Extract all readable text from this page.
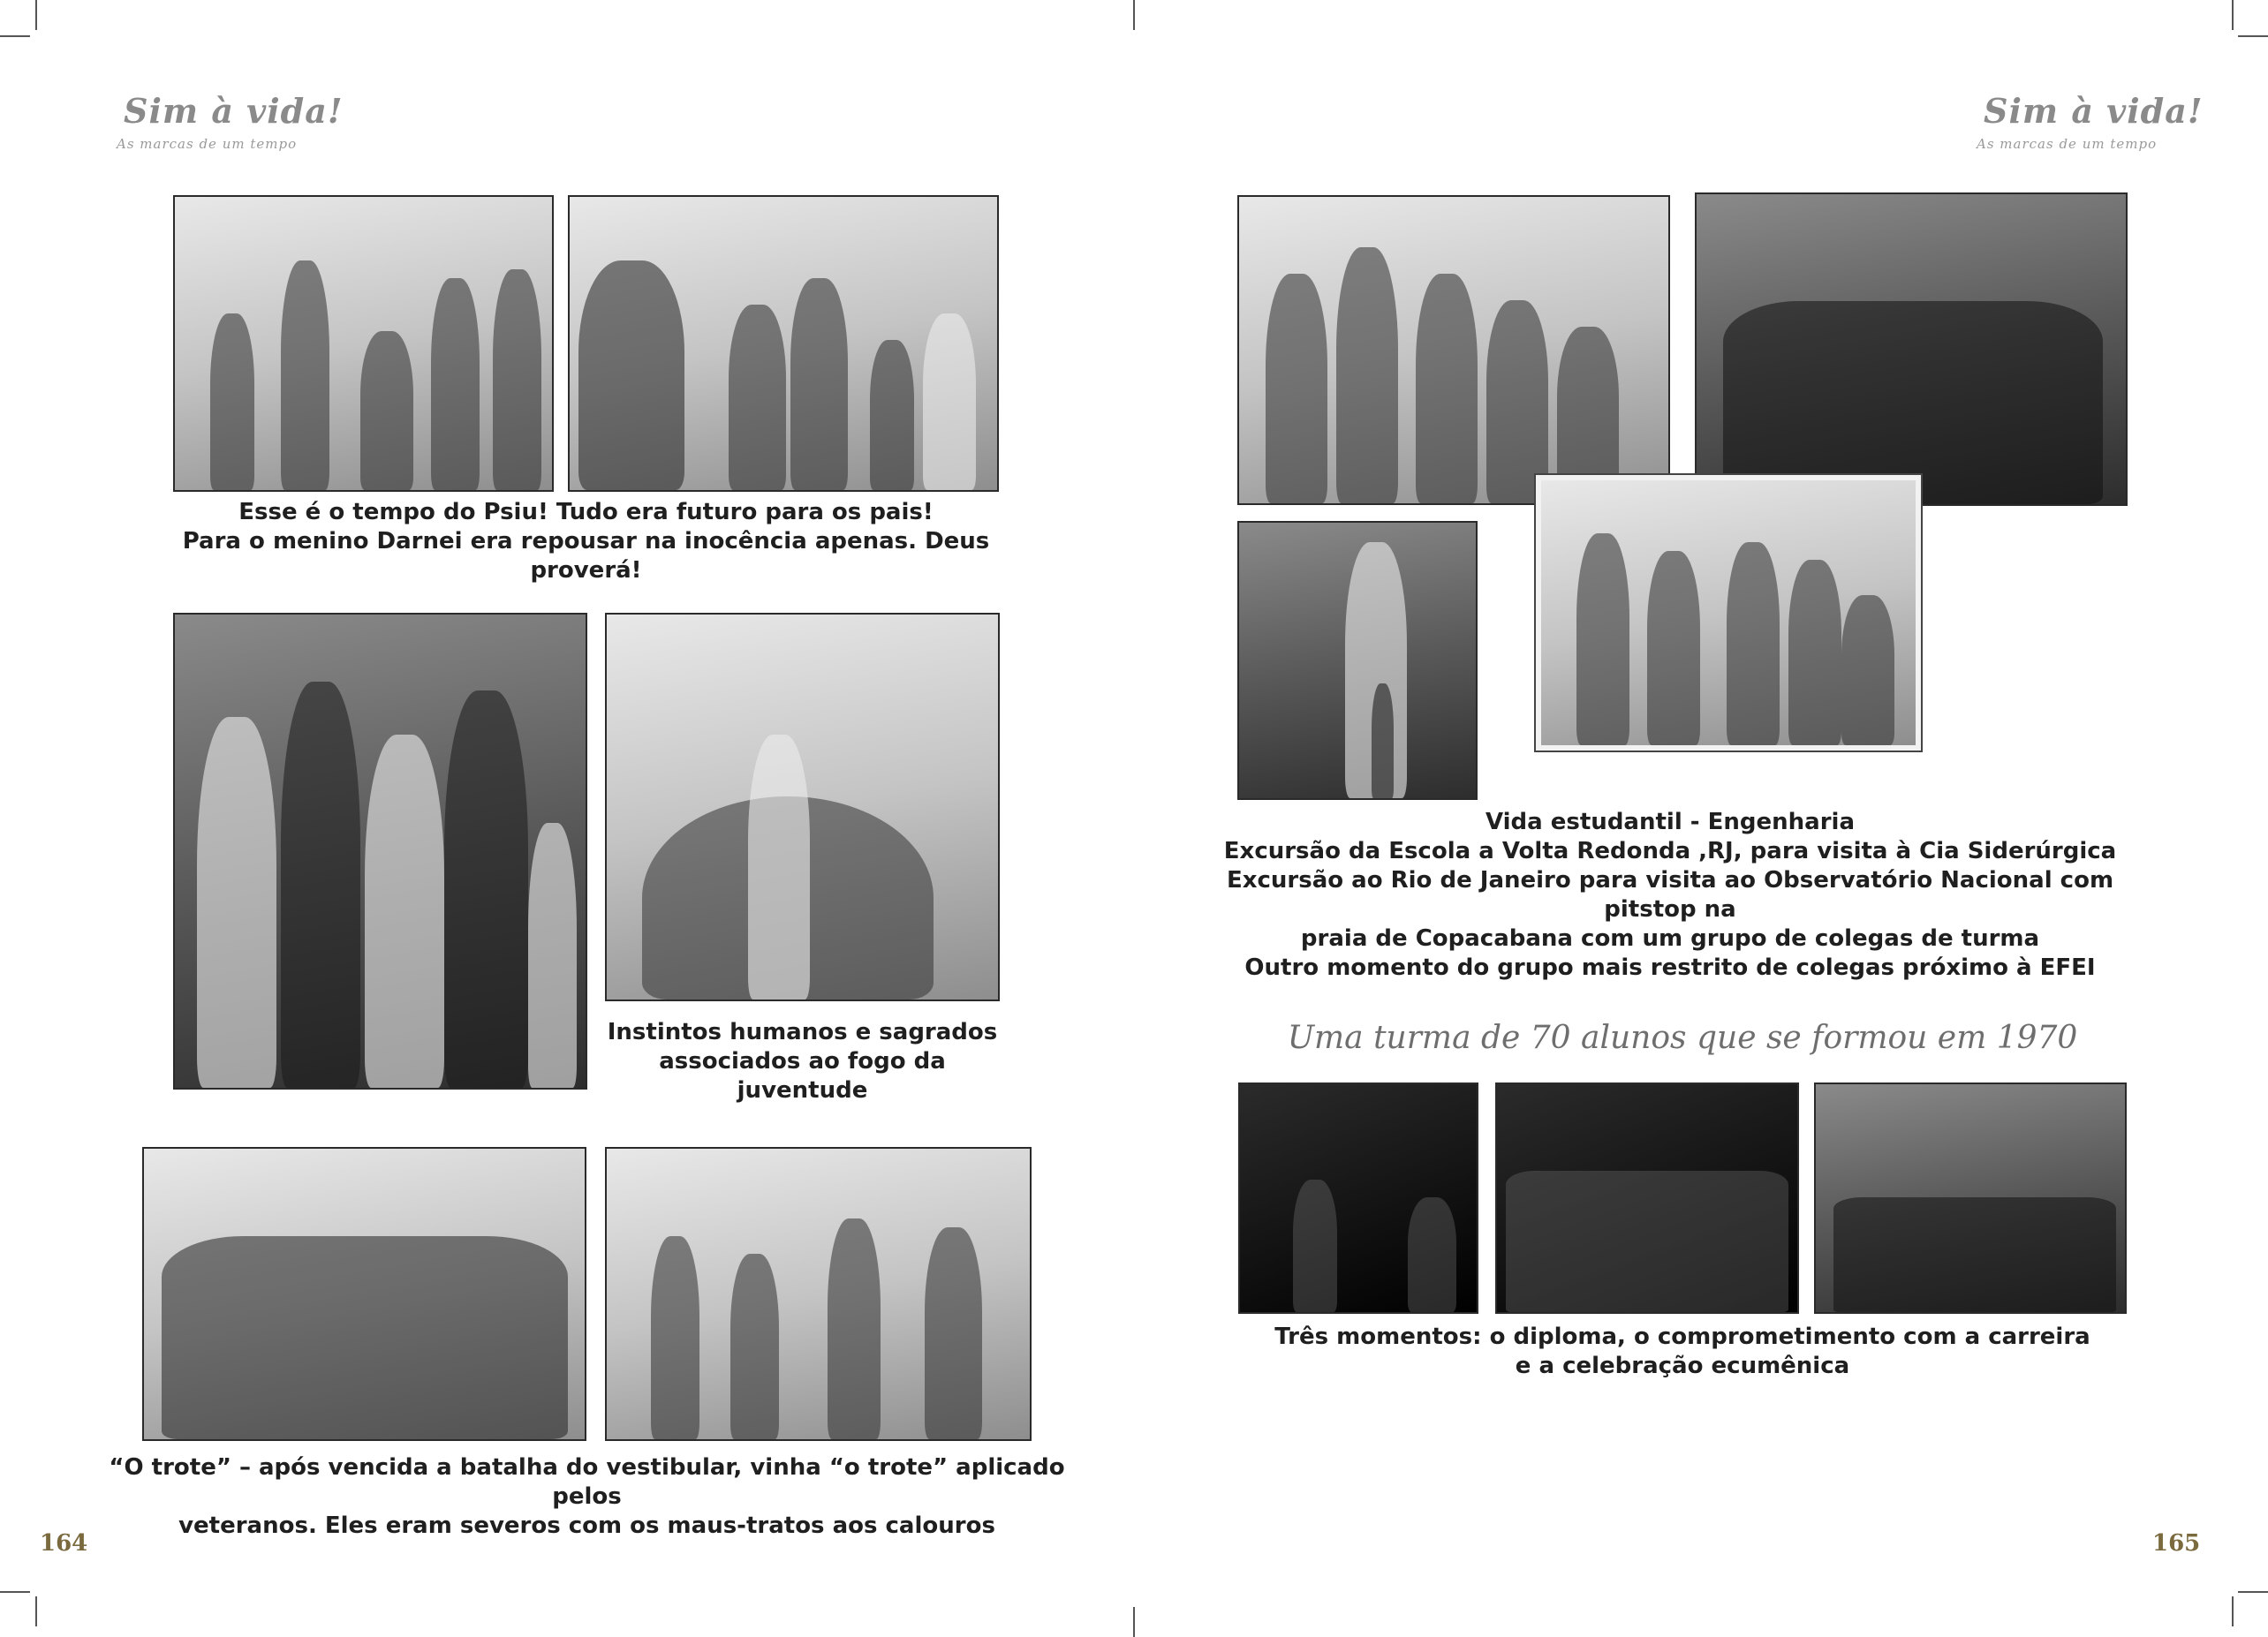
Sim à vida!
As marcas de um tempo
Esse é o tempo do Psiu! Tudo era futuro para os pais!
Para o menino Darnei era repousar na inocência apenas. Deus proverá!
Instintos humanos e sagrados
associados ao fogo da juventude
“O trote” – após vencida a batalha do vestibular, vinha “o trote” aplicado pelos
veteranos. Eles eram severos com os maus-tratos aos calouros
164
Sim à vida!
As marcas de um tempo
Vida estudantil - Engenharia
Excursão da Escola a Volta Redonda ,RJ, para visita à Cia Siderúrgica
Excursão ao Rio de Janeiro para visita ao Observatório Nacional com pitstop na
praia de Copacabana com um grupo de colegas de turma
Outro momento do grupo mais restrito de colegas próximo à EFEI
Uma turma de 70 alunos que se formou em 1970
Três momentos: o diploma, o comprometimento com a carreira
e a celebração ecumênica
165
